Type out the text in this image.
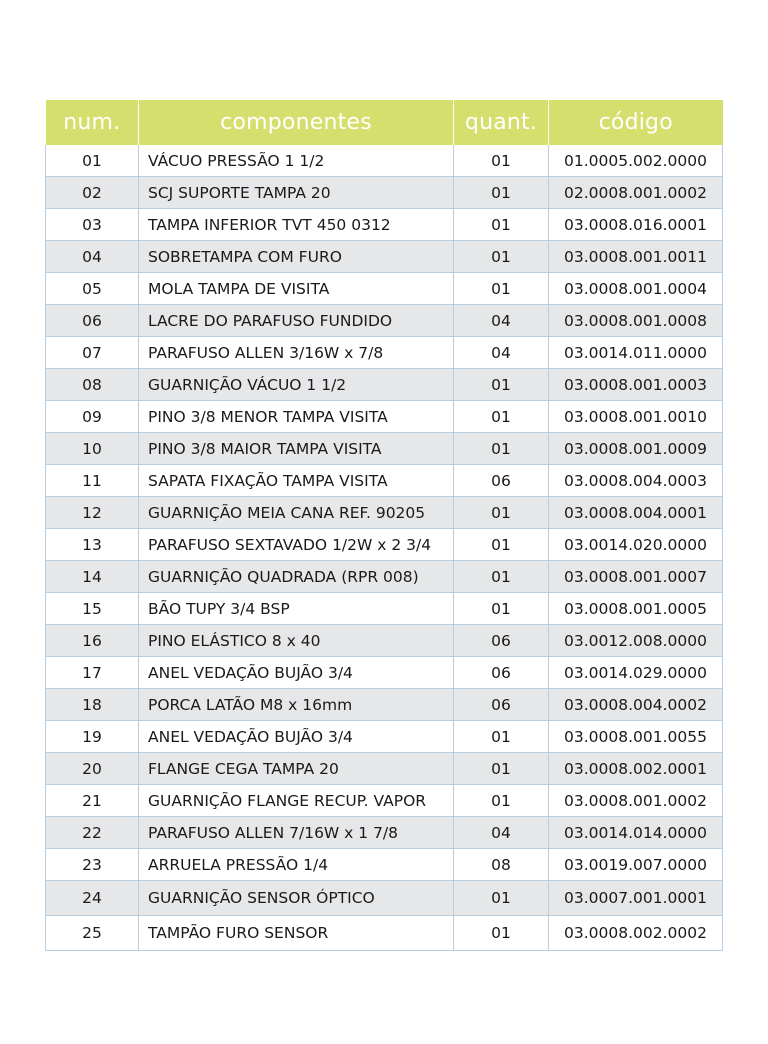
num.	componentes	quant.	código
01	VÁCUO PRESSÃO 1 1/2	01	01.0005.002.0000
02	SCJ SUPORTE TAMPA 20	01	02.0008.001.0002
03	TAMPA INFERIOR TVT 450 0312	01	03.0008.016.0001
04	SOBRETAMPA COM FURO	01	03.0008.001.0011
05	MOLA TAMPA DE VISITA	01	03.0008.001.0004
06	LACRE DO PARAFUSO FUNDIDO	04	03.0008.001.0008
07	PARAFUSO ALLEN 3/16W x 7/8	04	03.0014.011.0000
08	GUARNIÇÃO VÁCUO 1 1/2	01	03.0008.001.0003
09	PINO 3/8 MENOR TAMPA VISITA	01	03.0008.001.0010
10	PINO 3/8 MAIOR TAMPA VISITA	01	03.0008.001.0009
11	SAPATA FIXAÇÃO TAMPA VISITA	06	03.0008.004.0003
12	GUARNIÇÃO MEIA CANA REF. 90205	01	03.0008.004.0001
13	PARAFUSO SEXTAVADO 1/2W x 2 3/4	01	03.0014.020.0000
14	GUARNIÇÃO QUADRADA (RPR 008)	01	03.0008.001.0007
15	BÃO TUPY 3/4 BSP	01	03.0008.001.0005
16	PINO ELÁSTICO 8 x 40	06	03.0012.008.0000
17	ANEL VEDAÇÃO BUJÃO 3/4	06	03.0014.029.0000
18	PORCA LATÃO M8 x 16mm	06	03.0008.004.0002
19	ANEL VEDAÇÃO BUJÃO 3/4	01	03.0008.001.0055
20	FLANGE CEGA TAMPA 20	01	03.0008.002.0001
21	GUARNIÇÃO FLANGE RECUP. VAPOR	01	03.0008.001.0002
22	PARAFUSO ALLEN 7/16W x 1 7/8	04	03.0014.014.0000
23	ARRUELA PRESSÃO 1/4	08	03.0019.007.0000
24	GUARNIÇÃO SENSOR ÓPTICO	01	03.0007.001.0001
25	TAMPÃO FURO SENSOR	01	03.0008.002.0002
